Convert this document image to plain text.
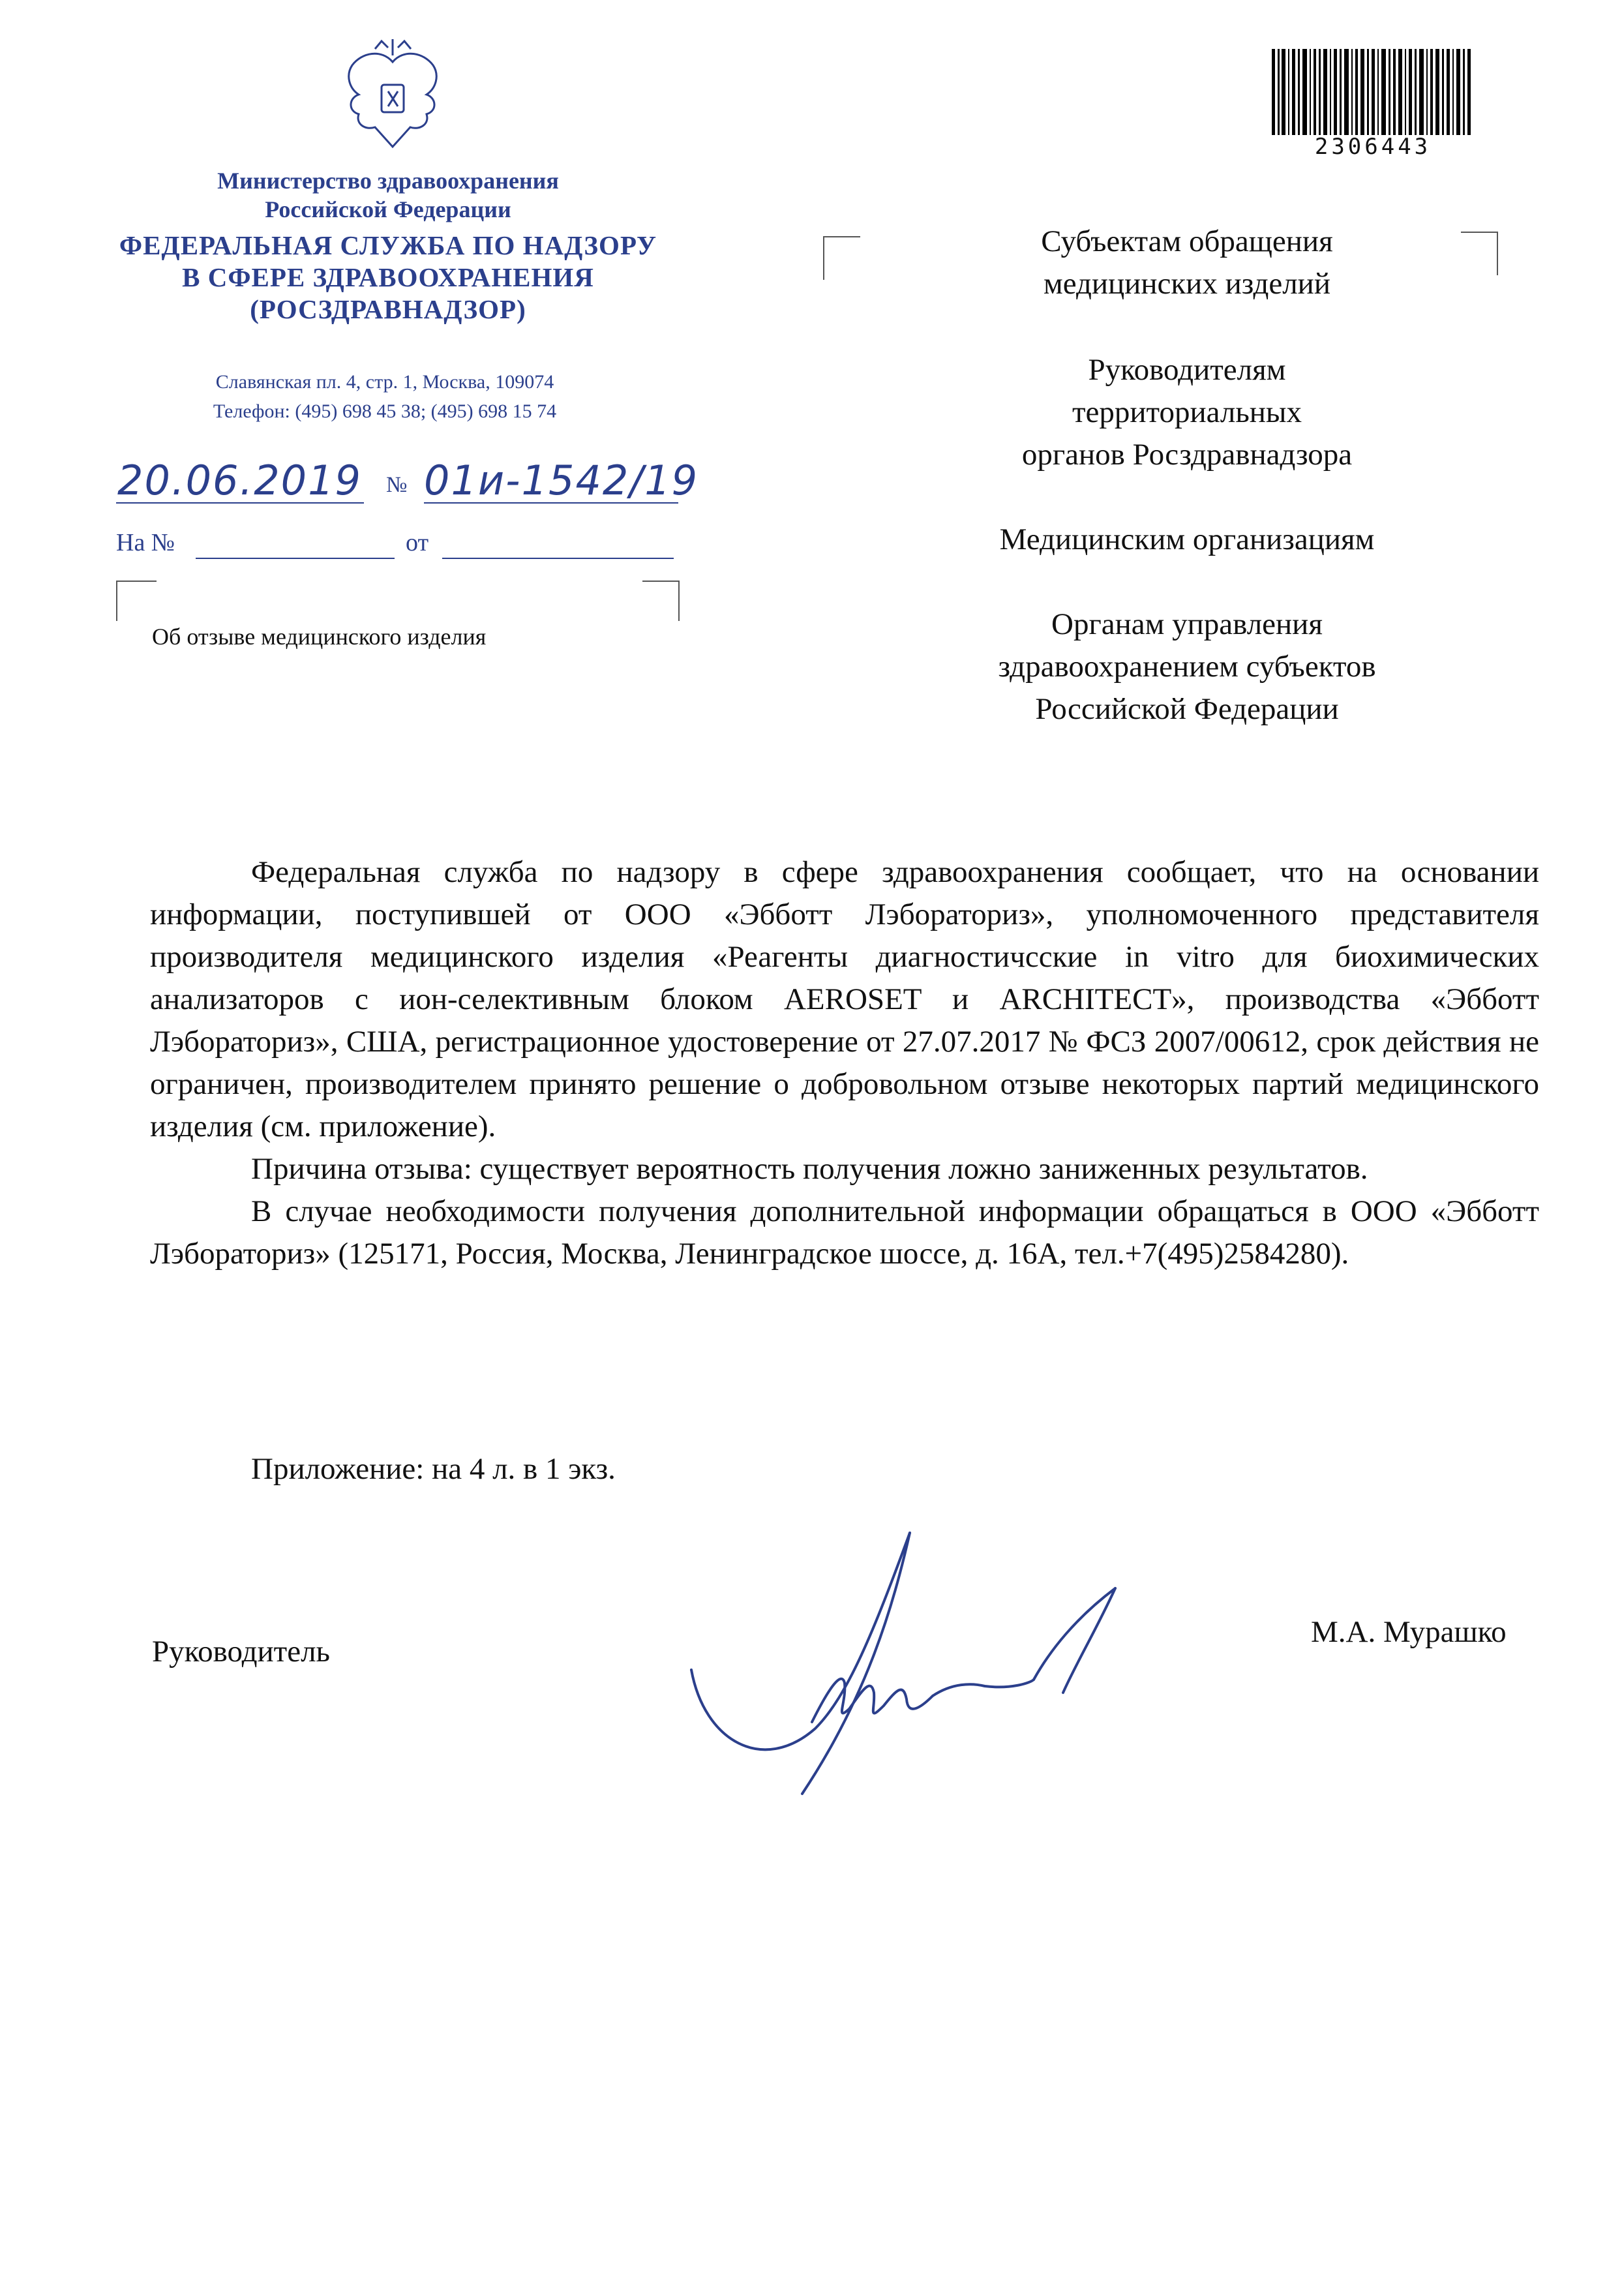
Министерство здравоохранения
Российской Федерации
ФЕДЕРАЛЬНАЯ СЛУЖБА ПО НАДЗОРУ
В СФЕРЕ ЗДРАВООХРАНЕНИЯ
(РОСЗДРАВНАДЗОР)
Славянская пл. 4, стр. 1, Москва, 109074
Телефон: (495) 698 45 38; (495) 698 15 74
20.06.2019 № 01и-1542/19
На №	от
Об отзыве медицинского изделия
2306443
Субъектам обращения
медицинских изделий
Руководителям
территориальных
органов Росздравнадзора
Медицинским организациям
Органам управления
здравоохранением субъектов
Российской Федерации

Федеральная служба по надзору в сфере здравоохранения сообщает, что на основании информации, поступившей от ООО «Эбботт Лэбораториз», уполномоченного представителя производителя медицинского изделия «Реагенты диагностичсские in vitro для биохимических анализаторов с ион-селективным блоком AEROSET и ARCHITECT», производства «Эбботт Лэбораториз», США, регистрационное удостоверение от 27.07.2017 № ФСЗ 2007/00612, срок действия не ограничен, производителем принято решение о добровольном отзыве некоторых партий медицинского изделия (см. приложение).

Причина отзыва: существует вероятность получения ложно заниженных результатов.

В случае необходимости получения дополнительной информации обращаться в ООО «Эбботт Лэбораториз» (125171, Россия, Москва, Ленинградское шоссе, д. 16А, тел.+7(495)2584280).

Приложение: на 4 л. в 1 экз.
Руководитель
М.А. Мурашко
